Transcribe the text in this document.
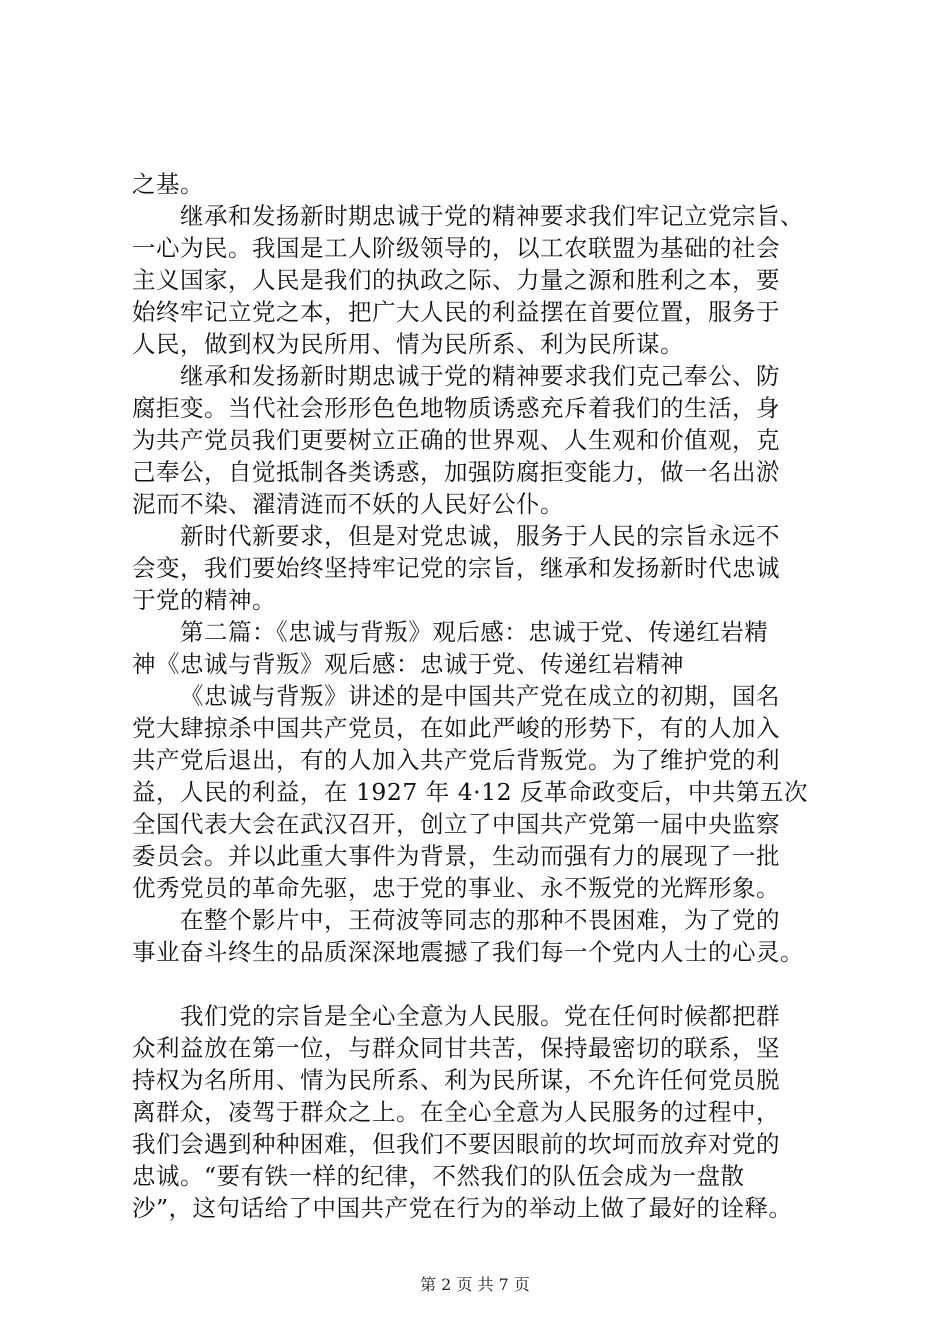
之基。
继承和发扬新时期忠诚于党的精神要求我们牢记立党宗旨、
一心为民。我国是工人阶级领导的，以工农联盟为基础的社会
主义国家，人民是我们的执政之际、力量之源和胜利之本，要
始终牢记立党之本，把广大人民的利益摆在首要位置，服务于
人民，做到权为民所用、情为民所系、利为民所谋。
继承和发扬新时期忠诚于党的精神要求我们克己奉公、防
腐拒变。当代社会形形色色地物质诱惑充斥着我们的生活，身
为共产党员我们更要树立正确的世界观、人生观和价值观，克
己奉公，自觉抵制各类诱惑，加强防腐拒变能力，做一名出淤
泥而不染、濯清涟而不妖的人民好公仆。
新时代新要求，但是对党忠诚，服务于人民的宗旨永远不
会变，我们要始终坚持牢记党的宗旨，继承和发扬新时代忠诚
于党的精神。
第二篇：《忠诚与背叛》观后感：忠诚于党、传递红岩精
神《忠诚与背叛》观后感：忠诚于党、传递红岩精神
《忠诚与背叛》讲述的是中国共产党在成立的初期，国名
党大肆掠杀中国共产党员，在如此严峻的形势下，有的人加入
共产党后退出，有的人加入共产党后背叛党。为了维护党的利
益，人民的利益，在 1927 年 4·12 反革命政变后，中共第五次
全国代表大会在武汉召开，创立了中国共产党第一届中央监察
委员会。并以此重大事件为背景，生动而强有力的展现了一批
优秀党员的革命先驱，忠于党的事业、永不叛党的光辉形象。
在整个影片中，王荷波等同志的那种不畏困难，为了党的
事业奋斗终生的品质深深地震撼了我们每一个党内人士的心灵。
我们党的宗旨是全心全意为人民服。党在任何时候都把群
众利益放在第一位，与群众同甘共苦，保持最密切的联系，坚
持权为名所用、情为民所系、利为民所谋，不允许任何党员脱
离群众，凌驾于群众之上。在全心全意为人民服务的过程中，
我们会遇到种种困难，但我们不要因眼前的坎坷而放弃对党的
忠诚。“要有铁一样的纪律，不然我们的队伍会成为一盘散
沙”，这句话给了中国共产党在行为的举动上做了最好的诠释。
第 2 页 共 7 页
